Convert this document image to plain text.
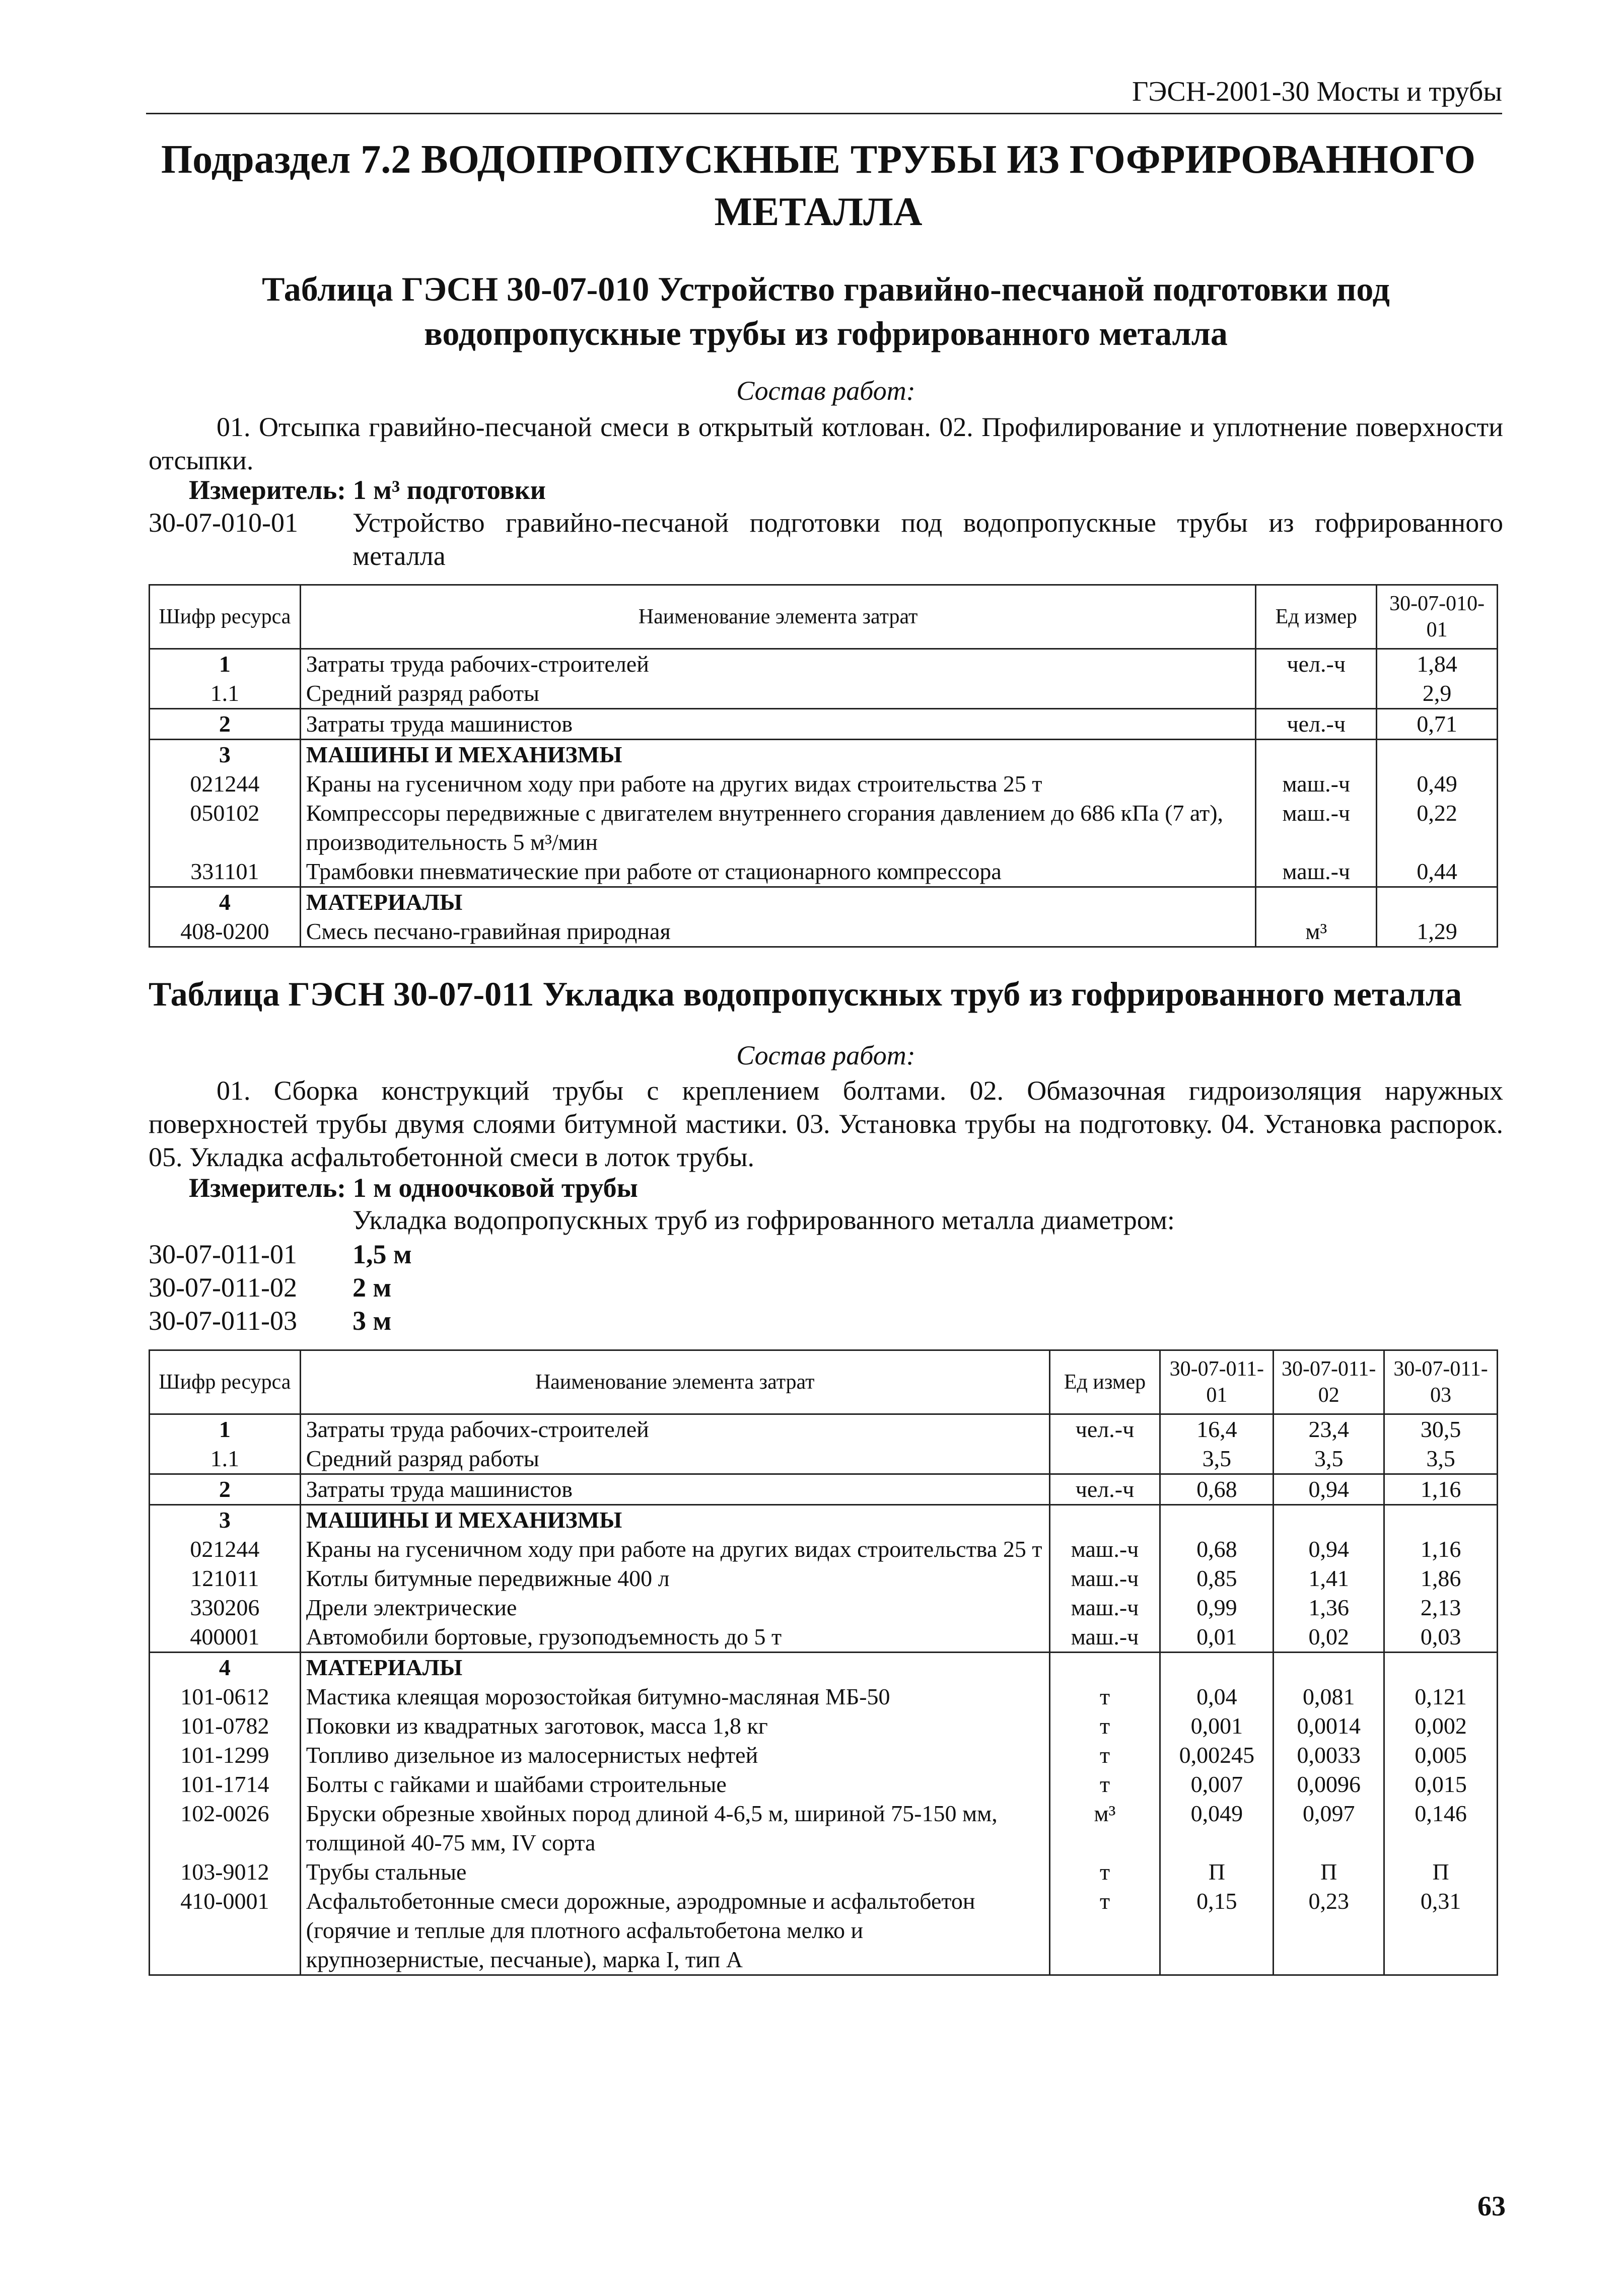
ГЭСН-2001-30 Мосты и трубы
Подраздел 7.2 ВОДОПРОПУСКНЫЕ ТРУБЫ ИЗ ГОФРИРОВАННОГО МЕТАЛЛА
Таблица ГЭСН 30-07-010 Устройство гравийно-песчаной подготовки под водопропускные трубы из гофрированного металла
Состав работ:
01. Отсыпка гравийно-песчаной смеси в открытый котлован. 02. Профилирование и уплотнение поверхности отсыпки.
Измеритель: 1 м³ подготовки
30-07-010-01	Устройство гравийно-песчаной подготовки под водопропускные трубы из гофрированного металла
Шифр ресурса	Наименование элемента затрат	Ед измер	30-07-010-01
1	Затраты труда рабочих-строителей	чел.-ч	1,84
1.1	Средний разряд работы		2,9
2	Затраты труда машинистов	чел.-ч	0,71
3	МАШИНЫ И МЕХАНИЗМЫ		
021244	Краны на гусеничном ходу при работе на других видах строительства 25 т	маш.-ч	0,49
050102	Компрессоры передвижные с двигателем внутреннего сгорания давлением до 686 кПа (7 ат), производительность 5 м³/мин	маш.-ч	0,22
331101	Трамбовки пневматические при работе от стационарного компрессора	маш.-ч	0,44
4	МАТЕРИАЛЫ		
408-0200	Смесь песчано-гравийная природная	м³	1,29
Таблица ГЭСН 30-07-011 Укладка водопропускных труб из гофрированного металла
Состав работ:
01. Сборка конструкций трубы с креплением болтами. 02. Обмазочная гидроизоляция наружных поверхностей трубы двумя слоями битумной мастики. 03. Установка трубы на подготовку. 04. Установка распорок. 05. Укладка асфальтобетонной смеси в лоток трубы.
Измеритель: 1 м одноочковой трубы
Укладка водопропускных труб из гофрированного металла диаметром:
30-07-011-01	1,5 м
30-07-011-02	2 м
30-07-011-03	3 м
Шифр ресурса	Наименование элемента затрат	Ед измер	30-07-011-01	30-07-011-02	30-07-011-03
1	Затраты труда рабочих-строителей	чел.-ч	16,4	23,4	30,5
1.1	Средний разряд работы		3,5	3,5	3,5
2	Затраты труда машинистов	чел.-ч	0,68	0,94	1,16
3	МАШИНЫ И МЕХАНИЗМЫ				
021244	Краны на гусеничном ходу при работе на других видах строительства 25 т	маш.-ч	0,68	0,94	1,16
121011	Котлы битумные передвижные 400 л	маш.-ч	0,85	1,41	1,86
330206	Дрели электрические	маш.-ч	0,99	1,36	2,13
400001	Автомобили бортовые, грузоподъемность до 5 т	маш.-ч	0,01	0,02	0,03
4	МАТЕРИАЛЫ				
101-0612	Мастика клеящая морозостойкая битумно-масляная МБ-50	т	0,04	0,081	0,121
101-0782	Поковки из квадратных заготовок, масса 1,8 кг	т	0,001	0,0014	0,002
101-1299	Топливо дизельное из малосернистых нефтей	т	0,00245	0,0033	0,005
101-1714	Болты с гайками и шайбами строительные	т	0,007	0,0096	0,015
102-0026	Бруски обрезные хвойных пород длиной 4-6,5 м, шириной 75-150 мм, толщиной 40-75 мм, IV сорта	м³	0,049	0,097	0,146
103-9012	Трубы стальные	т	П	П	П
410-0001	Асфальтобетонные смеси дорожные, аэродромные и асфальтобетон (горячие и теплые для плотного асфальтобетона мелко и крупнозернистые, песчаные), марка I, тип А	т	0,15	0,23	0,31
63
